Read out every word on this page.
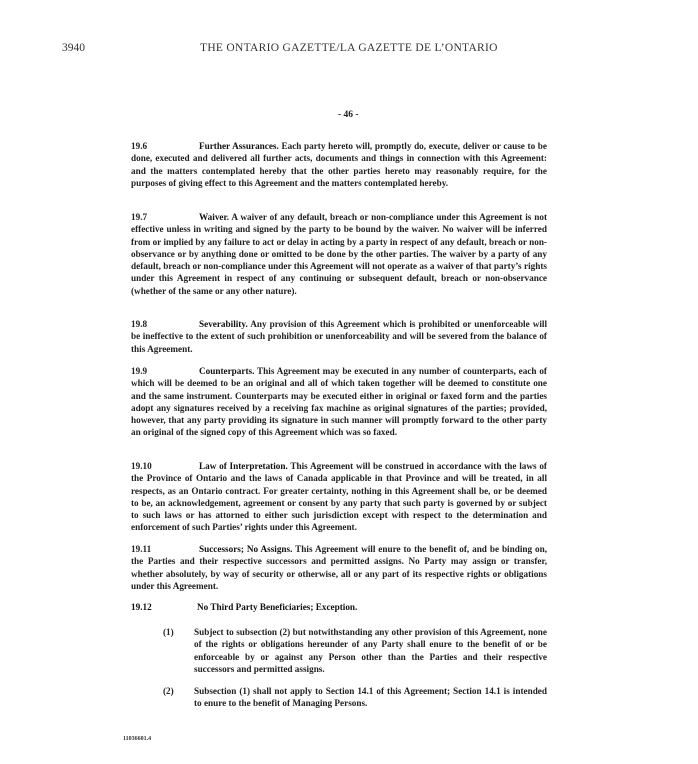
3940	THE ONTARIO GAZETTE/LA GAZETTE DE L’ONTARIO
- 46 -
19.6	Further Assurances. Each party hereto will, promptly do, execute, deliver or cause to be done, executed and delivered all further acts, documents and things in connection with this Agreement: and the matters contemplated hereby that the other parties hereto may reasonably require, for the purposes of giving effect to this Agreement and the matters contemplated hereby.
19.7	Waiver. A waiver of any default, breach or non-compliance under this Agreement is not effective unless in writing and signed by the party to be bound by the waiver. No waiver will be inferred from or implied by any failure to act or delay in acting by a party in respect of any default, breach or non-observance or by anything done or omitted to be done by the other parties. The waiver by a party of any default, breach or non-compliance under this Agreement will not operate as a waiver of that party’s rights under this Agreement in respect of any continuing or subsequent default, breach or non-observance (whether of the same or any other nature).
19.8	Severability. Any provision of this Agreement which is prohibited or unenforceable will be ineffective to the extent of such prohibition or unenforceability and will be severed from the balance of this Agreement.
19.9	Counterparts. This Agreement may be executed in any number of counterparts, each of which will be deemed to be an original and all of which taken together will be deemed to constitute one and the same instrument. Counterparts may be executed either in original or faxed form and the parties adopt any signatures received by a receiving fax machine as original signatures of the parties; provided, however, that any party providing its signature in such manner will promptly forward to the other party an original of the signed copy of this Agreement which was so faxed.
19.10	Law of Interpretation. This Agreement will be construed in accordance with the laws of the Province of Ontario and the laws of Canada applicable in that Province and will be treated, in all respects, as an Ontario contract. For greater certainty, nothing in this Agreement shall be, or be deemed to be, an acknowledgement, agreement or consent by any party that such party is governed by or subject to such laws or has attorned to either such jurisdiction except with respect to the determination and enforcement of such Parties’ rights under this Agreement.
19.11	Successors; No Assigns. This Agreement will enure to the benefit of, and be binding on, the Parties and their respective successors and permitted assigns. No Party may assign or transfer, whether absolutely, by way of security or otherwise, all or any part of its respective rights or obligations under this Agreement.
19.12	No Third Party Beneficiaries; Exception.
(1) Subject to subsection (2) but notwithstanding any other provision of this Agreement, none of the rights or obligations hereunder of any Party shall enure to the benefit of or be enforceable by or against any Person other than the Parties and their respective successors and permitted assigns.
(2) Subsection (1) shall not apply to Section 14.1 of this Agreement; Section 14.1 is intended to enure to the benefit of Managing Persons.
11036601.4
